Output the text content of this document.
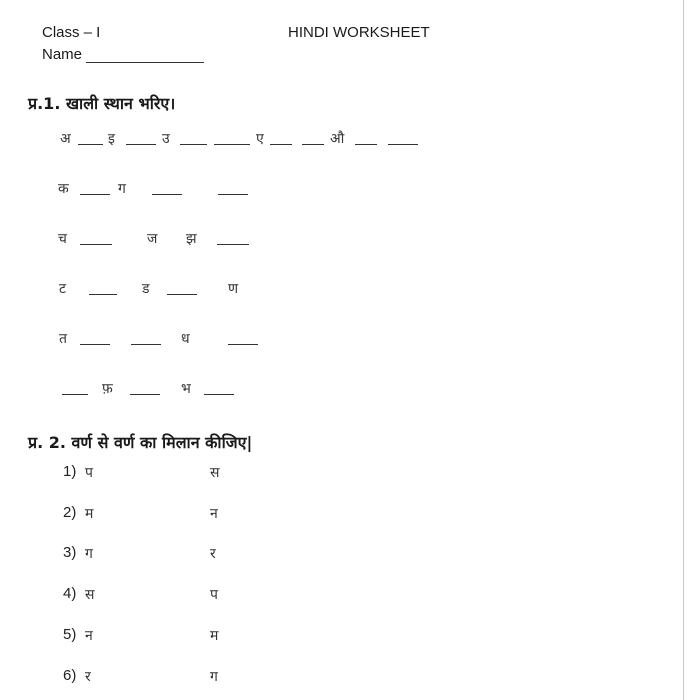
Class – I	HINDI WORKSHEET
Name
प्र.1. खाली स्थान भरिए।
अ	इ	उ	ए	औ
क	ग
च	ज झ
ट	ड	ण
त	ध
फ़	भ
प्र. 2. वर्ण से वर्ण का मिलान कीजिए|
1) प	स
2) म	न
3) ग	र
4) स	प
5) न	म
6) र	ग
